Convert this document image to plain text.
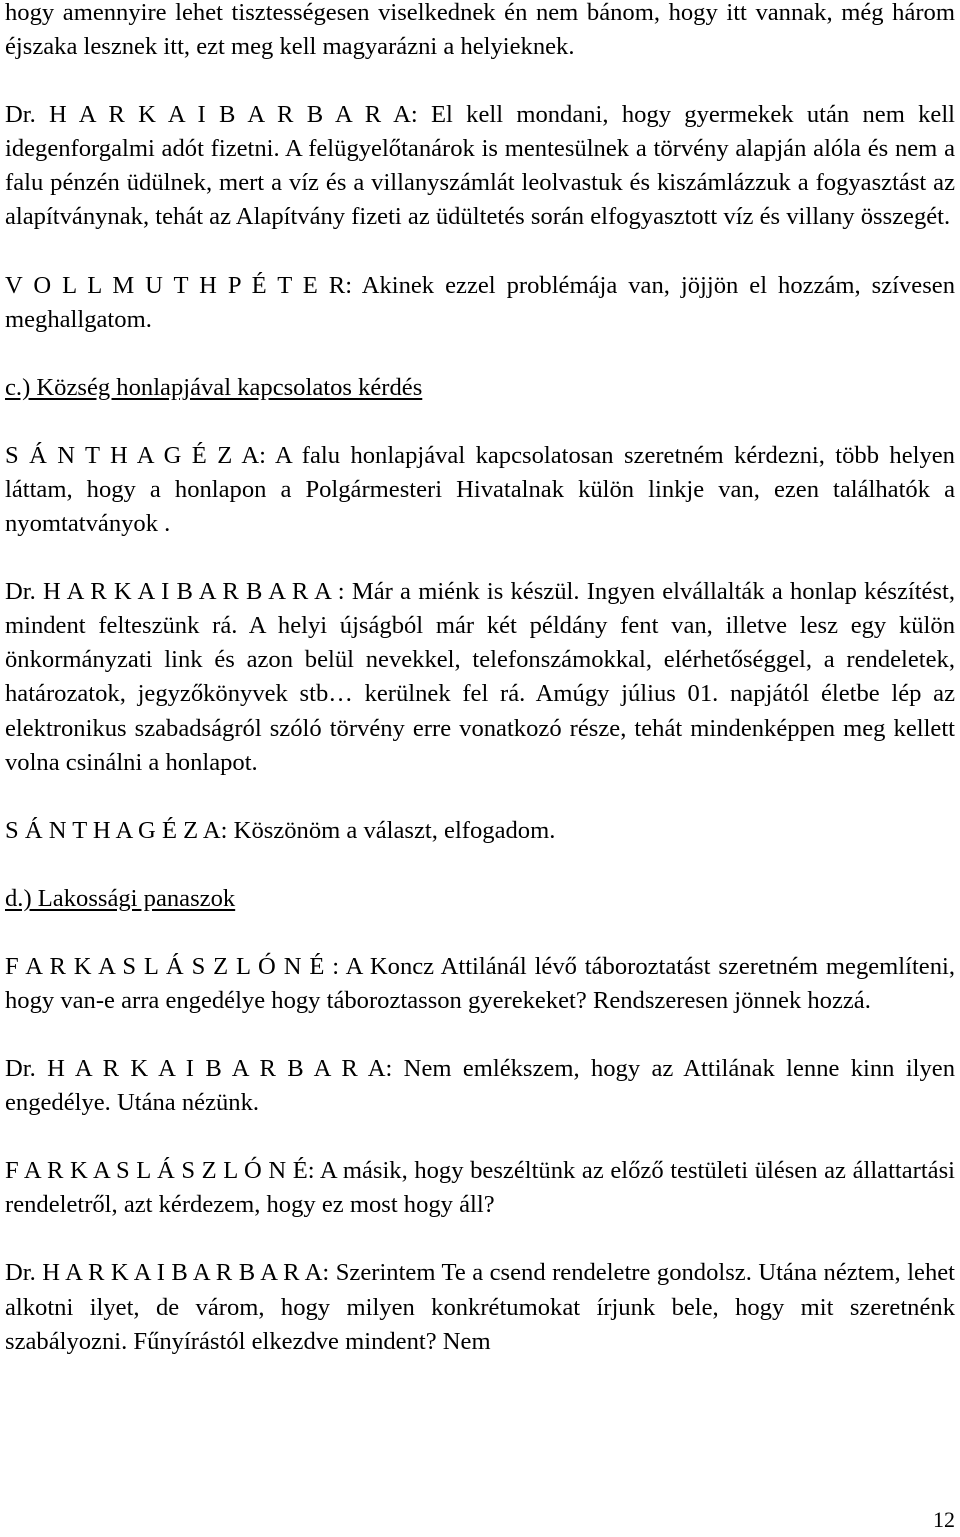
hogy amennyire lehet tisztességesen viselkednek én nem bánom, hogy itt vannak, még három éjszaka lesznek itt, ezt meg kell magyarázni a helyieknek.

Dr. H A R K A I B A R B A R A: El kell mondani, hogy gyermekek után nem kell idegenforgalmi adót fizetni. A felügyelőtanárok is mentesülnek a törvény alapján alóla és nem a falu pénzén üdülnek, mert a víz és a villanyszámlát leolvastuk és kiszámlázzuk a fogyasztást az alapítványnak, tehát az Alapítvány fizeti az üdültetés során elfogyasztott víz és villany összegét.

V O L L M U T H P É T E R: Akinek ezzel problémája van, jöjjön el hozzám, szívesen meghallgatom.

c.) Község honlapjával kapcsolatos kérdés

S Á N T H A G É Z A: A falu honlapjával kapcsolatosan szeretném kérdezni, több helyen láttam, hogy a honlapon a Polgármesteri Hivatalnak külön linkje van, ezen találhatók a nyomtatványok .

Dr. H A R K A I B A R B A R A : Már a miénk is készül. Ingyen elvállalták a honlap készítést, mindent felteszünk rá. A helyi újságból már két példány fent van, illetve lesz egy külön önkormányzati link és azon belül nevekkel, telefonszámokkal, elérhetőséggel, a rendeletek, határozatok, jegyzőkönyvek stb… kerülnek fel rá. Amúgy július 01. napjától életbe lép az elektronikus szabadságról szóló törvény erre vonatkozó része, tehát mindenképpen meg kellett volna csinálni a honlapot.

S Á N T H A G É Z A: Köszönöm a választ, elfogadom.

d.) Lakossági panaszok

F A R K A S L Á S Z L Ó N É : A Koncz Attilánál lévő táboroztatást szeretném megemlíteni, hogy van-e arra engedélye hogy táboroztasson gyerekeket? Rendszeresen jönnek hozzá.

Dr. H A R K A I B A R B A R A: Nem emlékszem, hogy az Attilának lenne kinn ilyen engedélye. Utána nézünk.

F A R K A S L Á S Z L Ó N É: A másik, hogy beszéltünk az előző testületi ülésen az állattartási rendeletről, azt kérdezem, hogy ez most hogy áll?

Dr. H A R K A I B A R B A R A: Szerintem Te a csend rendeletre gondolsz. Utána néztem, lehet alkotni ilyet, de várom, hogy milyen konkrétumokat írjunk bele, hogy mit szeretnénk szabályozni. Fűnyírástól elkezdve mindent? Nem

12
